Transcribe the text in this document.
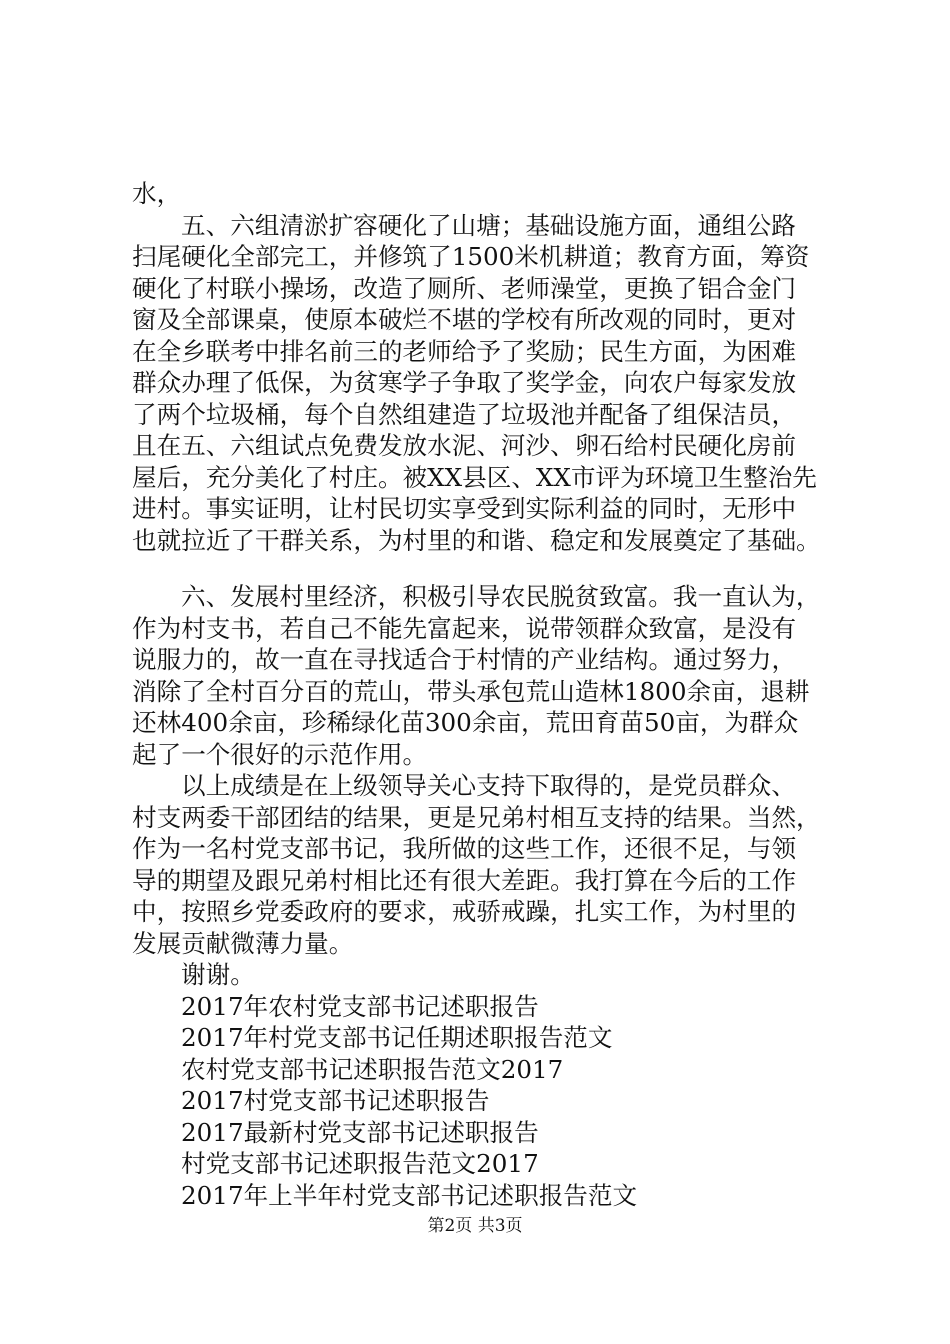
水，
五、六组清淤扩容硬化了山塘；基础设施方面，通组公路
扫尾硬化全部完工，并修筑了1500米机耕道；教育方面，筹资
硬化了村联小操场，改造了厕所、老师澡堂，更换了铝合金门
窗及全部课桌，使原本破烂不堪的学校有所改观的同时，更对
在全乡联考中排名前三的老师给予了奖励；民生方面，为困难
群众办理了低保，为贫寒学子争取了奖学金，向农户每家发放
了两个垃圾桶，每个自然组建造了垃圾池并配备了组保洁员，
且在五、六组试点免费发放水泥、河沙、卵石给村民硬化房前
屋后，充分美化了村庄。被XX县区、XX市评为环境卫生整治先
进村。事实证明，让村民切实享受到实际利益的同时，无形中
也就拉近了干群关系，为村里的和谐、稳定和发展奠定了基础。
六、发展村里经济，积极引导农民脱贫致富。我一直认为，
作为村支书，若自己不能先富起来，说带领群众致富，是没有
说服力的，故一直在寻找适合于村情的产业结构。通过努力，
消除了全村百分百的荒山，带头承包荒山造林1800余亩，退耕
还林400余亩，珍稀绿化苗300余亩，荒田育苗50亩，为群众
起了一个很好的示范作用。
以上成绩是在上级领导关心支持下取得的，是党员群众、
村支两委干部团结的结果，更是兄弟村相互支持的结果。当然，
作为一名村党支部书记，我所做的这些工作，还很不足，与领
导的期望及跟兄弟村相比还有很大差距。我打算在今后的工作
中，按照乡党委政府的要求，戒骄戒躁，扎实工作，为村里的
发展贡献微薄力量。
谢谢。
2017年农村党支部书记述职报告
2017年村党支部书记任期述职报告范文
农村党支部书记述职报告范文2017
2017村党支部书记述职报告
2017最新村党支部书记述职报告
村党支部书记述职报告范文2017
2017年上半年村党支部书记述职报告范文
第2页 共3页
